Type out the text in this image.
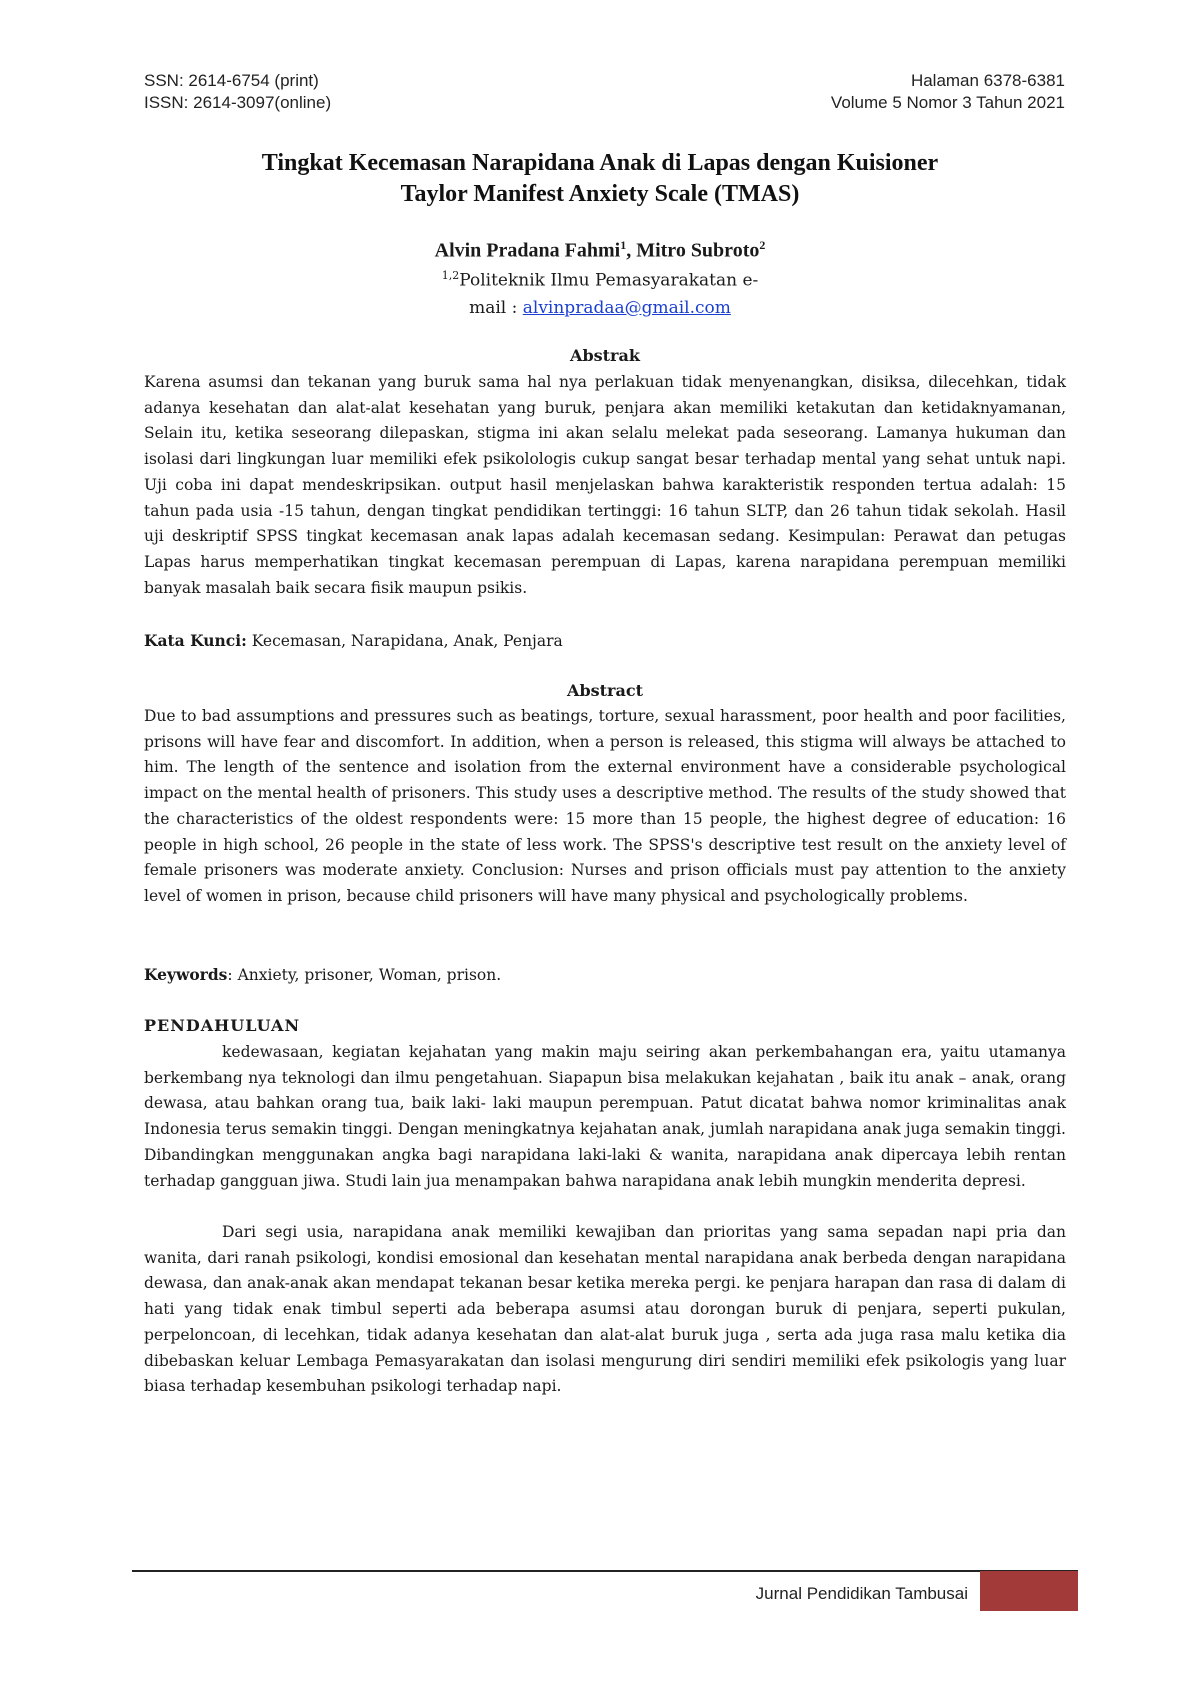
SSN: 2614-6754 (print)
ISSN: 2614-3097(online)
Halaman 6378-6381
Volume 5 Nomor 3 Tahun 2021
Tingkat Kecemasan Narapidana Anak di Lapas dengan Kuisioner
Taylor Manifest Anxiety Scale (TMAS)
Alvin Pradana Fahmi$^1$, Mitro Subroto$^2$
$^{1,2}$Politeknik Ilmu Pemasyarakatan e-
mail : alvinpradaa@gmail.com
Abstrak

Karena asumsi dan tekanan yang buruk sama hal nya perlakuan tidak menyenangkan, disiksa, dilecehkan, tidak adanya kesehatan dan alat-alat kesehatan yang buruk, penjara akan memiliki ketakutan dan ketidaknyamanan, Selain itu, ketika seseorang dilepaskan, stigma ini akan selalu melekat pada seseorang. Lamanya hukuman dan isolasi dari lingkungan luar memiliki efek psikolologis cukup sangat besar terhadap mental yang sehat untuk napi. Uji coba ini dapat mendeskripsikan. output hasil menjelaskan bahwa karakteristik responden tertua adalah: 15 tahun pada usia -15 tahun, dengan tingkat pendidikan tertinggi: 16 tahun SLTP, dan 26 tahun tidak sekolah. Hasil uji deskriptif SPSS tingkat kecemasan anak lapas adalah kecemasan sedang. Kesimpulan: Perawat dan petugas Lapas harus memperhatikan tingkat kecemasan perempuan di Lapas, karena narapidana perempuan memiliki banyak masalah baik secara fisik maupun psikis.

Kata Kunci: Kecemasan, Narapidana, Anak, Penjara
Abstract

Due to bad assumptions and pressures such as beatings, torture, sexual harassment, poor health and poor facilities, prisons will have fear and discomfort. In addition, when a person is released, this stigma will always be attached to him. The length of the sentence and isolation from the external environment have a considerable psychological impact on the mental health of prisoners. This study uses a descriptive method. The results of the study showed that the characteristics of the oldest respondents were: 15 more than 15 people, the highest degree of education: 16 people in high school, 26 people in the state of less work. The SPSS's descriptive test result on the anxiety level of female prisoners was moderate anxiety. Conclusion: Nurses and prison officials must pay attention to the anxiety level of women in prison, because child prisoners will have many physical and psychologically problems.

Keywords: Anxiety, prisoner, Woman, prison.
PENDAHULUAN

kedewasaan, kegiatan kejahatan yang makin maju seiring akan perkembahangan era, yaitu utamanya berkembang nya teknologi dan ilmu pengetahuan. Siapapun bisa melakukan kejahatan , baik itu anak – anak, orang dewasa, atau bahkan orang tua, baik laki- laki maupun perempuan. Patut dicatat bahwa nomor kriminalitas anak Indonesia terus semakin tinggi. Dengan meningkatnya kejahatan anak, jumlah narapidana anak juga semakin tinggi. Dibandingkan menggunakan angka bagi narapidana laki-laki & wanita, narapidana anak dipercaya lebih rentan terhadap gangguan jiwa. Studi lain jua menampakan bahwa narapidana anak lebih mungkin menderita depresi.

Dari segi usia, narapidana anak memiliki kewajiban dan prioritas yang sama sepadan napi pria dan wanita, dari ranah psikologi, kondisi emosional dan kesehatan mental narapidana anak berbeda dengan narapidana dewasa, dan anak-anak akan mendapat tekanan besar ketika mereka pergi. ke penjara harapan dan rasa di dalam di hati yang tidak enak timbul seperti ada beberapa asumsi atau dorongan buruk di penjara, seperti pukulan, perpeloncoan, di lecehkan, tidak adanya kesehatan dan alat-alat buruk juga , serta ada juga rasa malu ketika dia dibebaskan keluar Lembaga Pemasyarakatan dan isolasi mengurung diri sendiri memiliki efek psikologis yang luar biasa terhadap kesembuhan psikologi terhadap napi.

Jurnal Pendidikan Tambusai
